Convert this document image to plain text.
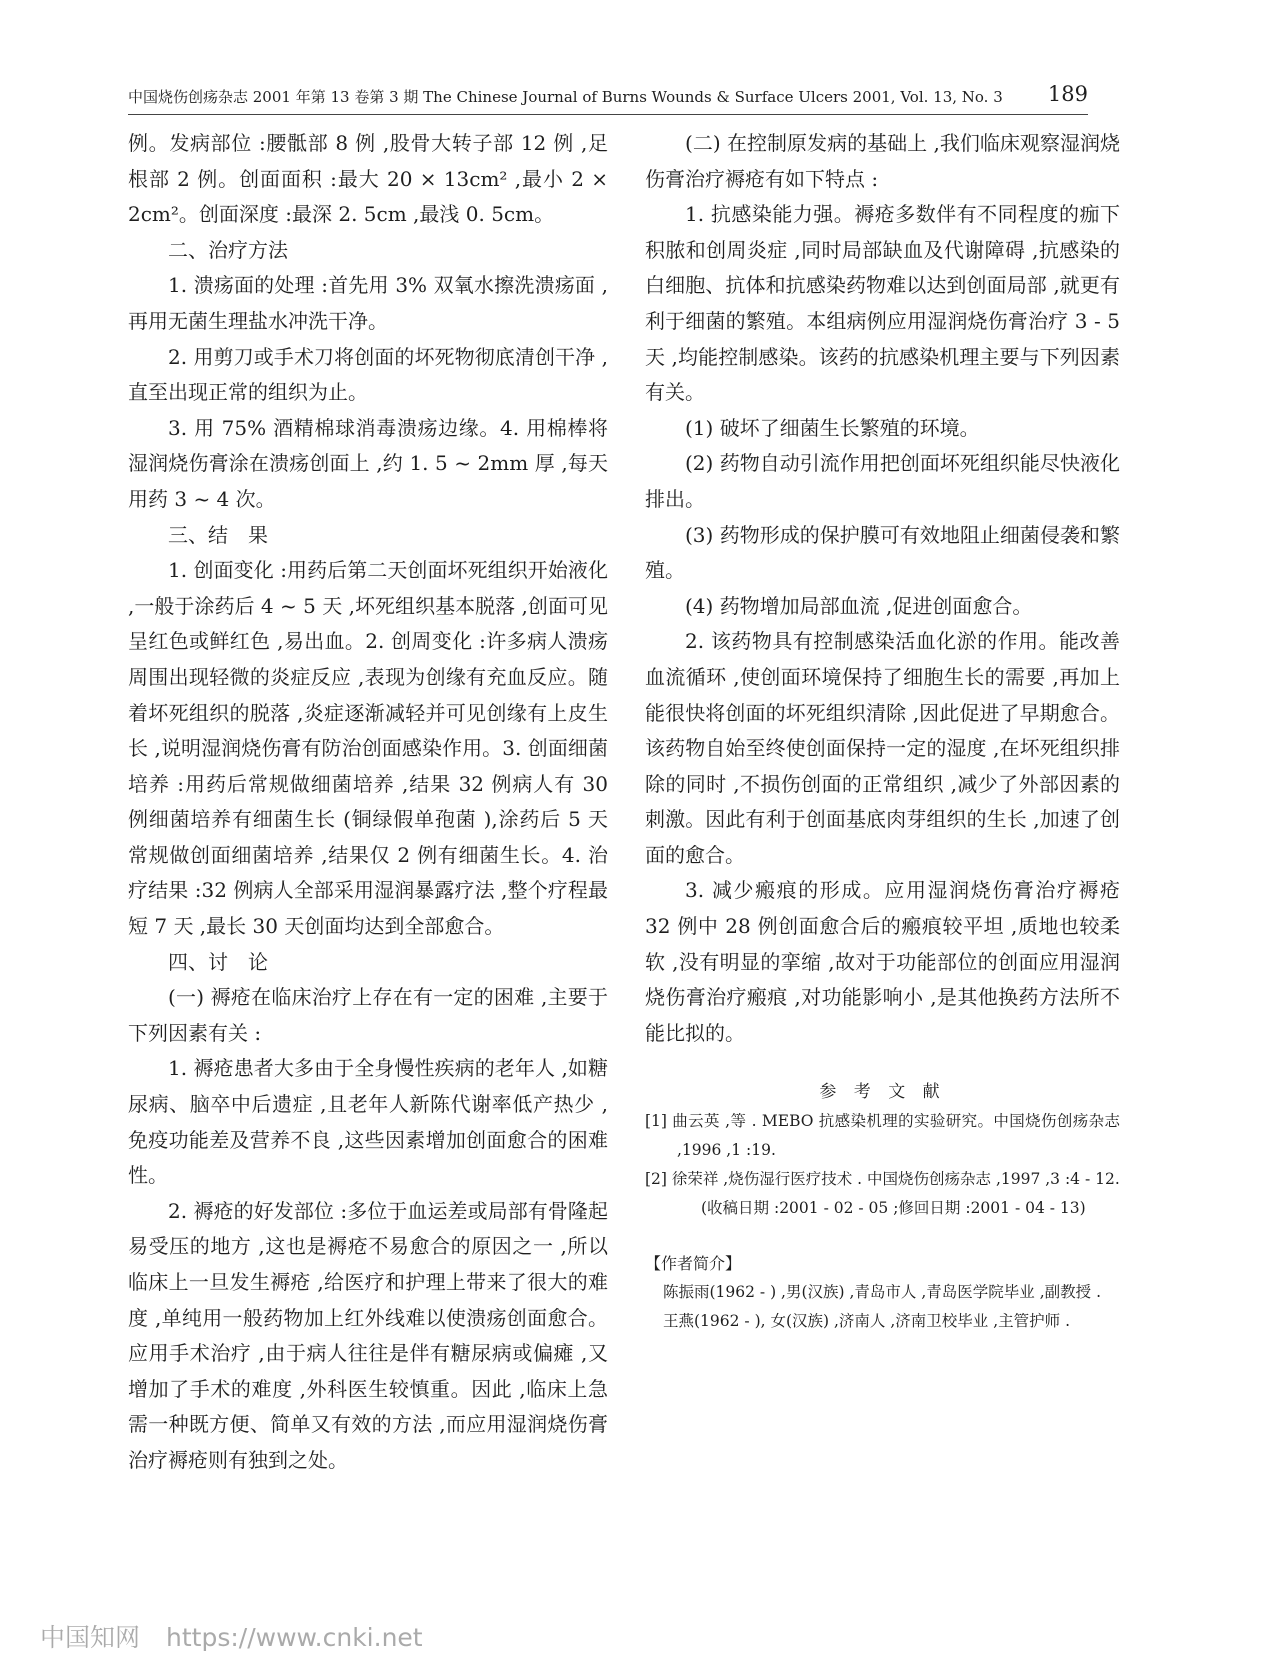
中国烧伤创疡杂志 2001 年第 13 卷第 3 期 The Chinese Journal of Burns Wounds & Surface Ulcers 2001, Vol. 13, No. 3 189

例。发病部位 :腰骶部 8 例 ,股骨大转子部 12 例 ,足根部 2 例。创面面积 :最大 20 × 13cm² ,最小 2 × 2cm²。创面深度 :最深 2. 5cm ,最浅 0. 5cm。

二、治疗方法

1. 溃疡面的处理 :首先用 3% 双氧水擦洗溃疡面 ,再用无菌生理盐水冲洗干净。

2. 用剪刀或手术刀将创面的坏死物彻底清创干净 ,直至出现正常的组织为止。

3. 用 75% 酒精棉球消毒溃疡边缘。4. 用棉棒将湿润烧伤膏涂在溃疡创面上 ,约 1. 5 ~ 2mm 厚 ,每天用药 3 ~ 4 次。

三、结　果

1. 创面变化 :用药后第二天创面坏死组织开始液化 ,一般于涂药后 4 ~ 5 天 ,坏死组织基本脱落 ,创面可见呈红色或鲜红色 ,易出血。2. 创周变化 :许多病人溃疡周围出现轻微的炎症反应 ,表现为创缘有充血反应。随着坏死组织的脱落 ,炎症逐渐减轻并可见创缘有上皮生长 ,说明湿润烧伤膏有防治创面感染作用。3. 创面细菌培养 :用药后常规做细菌培养 ,结果 32 例病人有 30 例细菌培养有细菌生长 (铜绿假单孢菌 ),涂药后 5 天常规做创面细菌培养 ,结果仅 2 例有细菌生长。4. 治疗结果 :32 例病人全部采用湿润暴露疗法 ,整个疗程最短 7 天 ,最长 30 天创面均达到全部愈合。

四、讨　论

(一) 褥疮在临床治疗上存在有一定的困难 ,主要于下列因素有关 :

1. 褥疮患者大多由于全身慢性疾病的老年人 ,如糖尿病、脑卒中后遗症 ,且老年人新陈代谢率低产热少 ,免疫功能差及营养不良 ,这些因素增加创面愈合的困难性。

2. 褥疮的好发部位 :多位于血运差或局部有骨隆起易受压的地方 ,这也是褥疮不易愈合的原因之一 ,所以临床上一旦发生褥疮 ,给医疗和护理上带来了很大的难度 ,单纯用一般药物加上红外线难以使溃疡创面愈合。应用手术治疗 ,由于病人往往是伴有糖尿病或偏瘫 ,又增加了手术的难度 ,外科医生较慎重。因此 ,临床上急需一种既方便、简单又有效的方法 ,而应用湿润烧伤膏治疗褥疮则有独到之处。

(二) 在控制原发病的基础上 ,我们临床观察湿润烧伤膏治疗褥疮有如下特点 :

1. 抗感染能力强。褥疮多数伴有不同程度的痂下积脓和创周炎症 ,同时局部缺血及代谢障碍 ,抗感染的白细胞、抗体和抗感染药物难以达到创面局部 ,就更有利于细菌的繁殖。本组病例应用湿润烧伤膏治疗 3 - 5 天 ,均能控制感染。该药的抗感染机理主要与下列因素有关。

(1) 破坏了细菌生长繁殖的环境。

(2) 药物自动引流作用把创面坏死组织能尽快液化排出。

(3) 药物形成的保护膜可有效地阻止细菌侵袭和繁殖。

(4) 药物增加局部血流 ,促进创面愈合。

2. 该药物具有控制感染活血化淤的作用。能改善血流循环 ,使创面环境保持了细胞生长的需要 ,再加上能很快将创面的坏死组织清除 ,因此促进了早期愈合。该药物自始至终使创面保持一定的湿度 ,在坏死组织排除的同时 ,不损伤创面的正常组织 ,减少了外部因素的刺激。因此有利于创面基底肉芽组织的生长 ,加速了创面的愈合。

3. 减少瘢痕的形成。应用湿润烧伤膏治疗褥疮 32 例中 28 例创面愈合后的瘢痕较平坦 ,质地也较柔软 ,没有明显的挛缩 ,故对于功能部位的创面应用湿润烧伤膏治疗瘢痕 ,对功能影响小 ,是其他换药方法所不能比拟的。

参 考 文 献

[1] 曲云英 ,等 . MEBO 抗感染机理的实验研究。中国烧伤创疡杂志 ,1996 ,1 :19.

[2] 徐荣祥 ,烧伤湿行医疗技术 . 中国烧伤创疡杂志 ,1997 ,3 :4 - 12.

(收稿日期 :2001 - 02 - 05 ;修回日期 :2001 - 04 - 13)

【作者简介】

陈振雨(1962 - ) ,男(汉族) ,青岛市人 ,青岛医学院毕业 ,副教授 .

王燕(1962 - ), 女(汉族) ,济南人 ,济南卫校毕业 ,主管护师 .

中国知网 https://www.cnki.net
